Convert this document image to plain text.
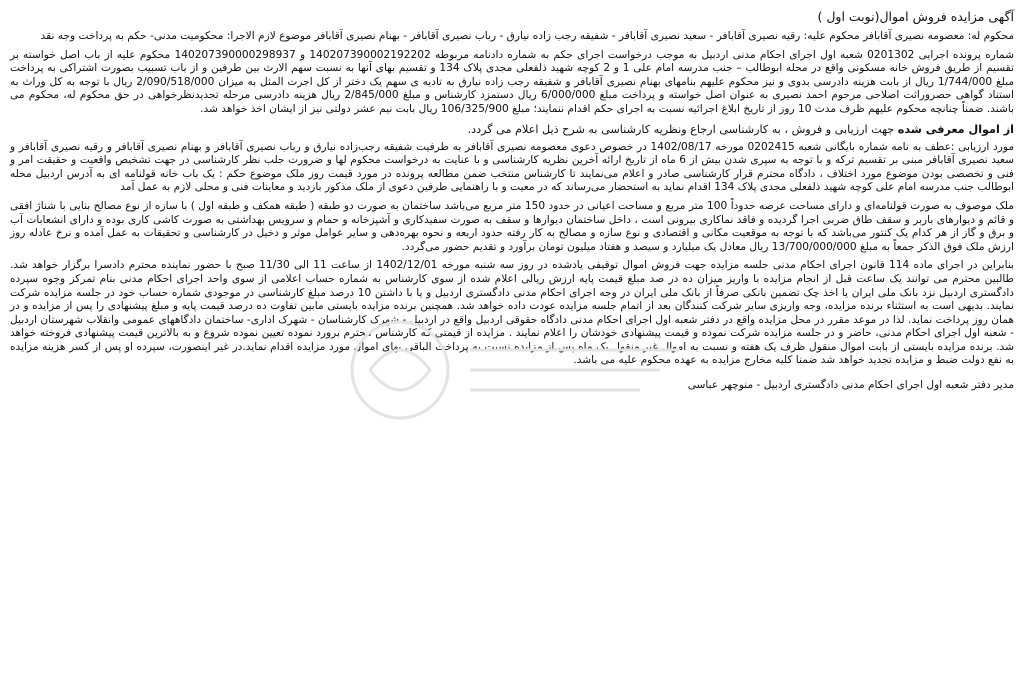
آگهی مزایده فروش اموال(نوبت اول )

محکوم له: معصومه نصیری آقابافر محکوم علیه: رقیه نصیری آقابافر - سعید نصیری آقابافر - شفیقه رجب زاده نیارق - رباب نصیری آقابافر - بهنام نصیری آقابافر موضوع لازم الاجرا: محکومیت مدنی- حکم به پرداخت وجه نقد

شماره پرونده اجرایی 0201302 شعبه اول اجرای احکام مدنی اردبیل به موجب درخواست اجرای حکم به شماره دادنامه مربوطه 140207390002192202 و 140207390000298937 محکوم علیه از باب اصل خواسته بر تقسیم از طریق فروش خانه مسکونی واقع در محله ابوطالب – جنب مدرسه امام علی 1 و 2 کوچه شهید ذلفعلی مجدی پلاک 134 و تقسیم بهای آنها به نسبت سهم الارث بین طرفین و از باب تسبیب بصورت اشتراکی به پرداخت مبلغ 1/744/000 ریال از بابت هزینه دادرسی بدوی و نیز محکوم علیهم بنامهای بهنام نصیری آقابافر و شفیقه رجب زاده نیارق به تادیه ی سهم یک دختر از کل اجرت المثل به میزان 2/090/518/000 ریال با توجه به کل وراث به استناد گواهی حصروراثت اصلاحی مرحوم احمد نصیری به عنوان اصل خواسته و پرداخت مبلغ 6/000/000 ریال دستمزد کارشناس و مبلغ 2/845/000 ریال هزینه دادرسی مرحله تجدیدنظرخواهی در حق محکوم له، محکوم می باشند. ضمناً چنانچه محکوم علیهم ظرف مدت 10 روز از تاریخ ابلاغ اجرائیه نسبت به اجرای حکم اقدام ننمایند؛ مبلغ 106/325/900 ریال بابت نیم عشر دولتی نیز از ایشان اخذ خواهد شد.

از اموال معرفی شده جهت ارزیابی و فروش ، به کارشناسی ارجاع ونظریه کارشناسی به شرح ذیل اعلام می گردد.

مورد ارزیابی :عطف به نامه شماره بایگانی شعبه 0202415 مورخه 1402/08/17 در خصوص دعوی معصومه نصیری آقابافر به طرفیت شفیقه رجب‌زاده نیارق و رباب نصیری آقابافر و بهنام نصیری آقابافر و رقیه نصیری آقابافر و سعید نصیری آقابافر مبنی بر تقسیم ترکه و با توجه به سپری شدن بیش از 6 ماه از تاریخ ارائه آخرین نظریه کارشناسی و با عنایت به درخواست محکوم لها و ضرورت جلب نظر کارشناسی در جهت تشخیص واقعیت و حقیقت امر و فنی و تخصصی بودن موضوع مورد اختلاف ، دادگاه محترم قرار کارشناسی صادر و اعلام می‌نمایند تا کارشناس منتخب ضمن مطالعه پرونده در مورد قیمت روز ملک موضوع حکم : یک باب خانه قولنامه ای به آدرس اردبیل محله ابوطالب جنب مدرسه امام علی کوچه شهید ذلفعلی مجدی پلاک 134 اقدام نماید به استحضار می‌رساند که در معیت و با راهنمایی طرفین دعوی از ملک مذکور بازدید و معاینات فنی و محلی لازم به عمل آمد

ملک موصوف به صورت قولنامه‌ای و دارای مساحت عرصه حدوداً 100 متر مربع و مساحت اعیانی در حدود 150 متر مربع می‌باشد ساختمان به صورت دو طبقه ( طبقه همکف و طبقه اول ) با سازه از نوع مصالح بنایی با شناژ افقی و قائم و دیوارهای باربر و سقف طاق ضربی اجرا گردیده و فاقد نماکاری بیرونی است ، داخل ساختمان دیوارها و سقف به صورت سفیدکاری و آشپزخانه و حمام و سرویس بهداشتی به صورت کاشی کاری بوده و دارای انشعابات آب و برق و گاز از هر کدام یک کنتور می‌باشد که با توجه به موقعیت مکانی و اقتصادی و نوع سازه و مصالح به کار رفته حدود اربعه و نحوه بهره‌دهی و سایر عوامل موثر و دخیل در کارشناسی و تحقیقات به عمل آمده و نرخ عادله روز ارزش ملک فوق الذکر جمعاً به مبلغ 13/700/000/000 ریال معادل یک میلیارد و سیصد و هفتاد میلیون تومان برآورد و تقدیم حضور می‌گردد.

بنابراین در اجرای ماده 114 قانون اجرای احکام مدنی جلسه مزایده جهت فروش اموال توقیفی یادشده در روز سه شنبه مورخه 1402/12/01 از ساعت 11 الی 11/30 صبح با حضور نماینده محترم دادسرا برگزار خواهد شد. طالبین محترم می توانند یک ساعت قبل از انجام مزایده با واریز میزان ده در صد مبلغ قیمت پایه ارزش ریالی اعلام شده از سوی کارشناس به شماره حساب اعلامی از سوی واحد اجرای احکام مدنی بنام تمرکز وجوه سپرده دادگستری اردبیل نزد بانک ملی ایران یا اخذ چک تضمین بانکی صرفاً از بانک ملی ایران در وجه اجرای احکام مدنی دادگستری اردبیل و یا با داشتن 10 درصد مبلغ کارشناسی در موجودی شماره حساب خود در جلسه مزایده شرکت نمایند. بدیهی است به استثناء برنده مزایده، وجه واریزی سایر شرکت کنندگان بعد از اتمام جلسه مزایده عودت داده خواهد شد. همچنین برنده مزایده بایستی مابین تفاوت ده درصد قیمت پایه و مبلغ پیشنهادی را پس از مزایده و در همان روز پرداخت نماید. لذا در موعد مقرر در محل مزایده واقع در دفتر شعبه اول اجرای احکام مدنی دادگاه حقوقی اردبیل واقع در اردبیل - شهرک کارشناسان - شهرک اداری- ساختمان دادگاههای عمومی وانقلاب شهرستان اردبیل - شعبه اول اجرای احکام مدنی، حاضر و در جلسه مزایده شرکت نموده و قیمت پیشنهادی خودشان را اعلام نمایند . مزایده از قیمتی که کارشناس محترم برورد نموده تعیین نموده شروع و به بالاترین قیمت پیشنهادی فروخته خواهد شد. برنده مزایده بایستی از بابت اموال منقول ظرف یک هفته و نسبت به اموال غیر منقول یک ماه پس از مزایده نسبت به پرداخت الباقی بهای اموال مورد مزایده اقدام نماید.در غیر اینصورت، سپرده او پس از کسر هزینه مزایده به نفع دولت ضبط و مزایده تجدید خواهد شد ضمنا کلیه مخارج مزایده به عهده محکوم علیه می باشد.

مدیر دفتر شعبه اول اجرای احکام مدنی دادگستری اردبیل - منوچهر عباسی
